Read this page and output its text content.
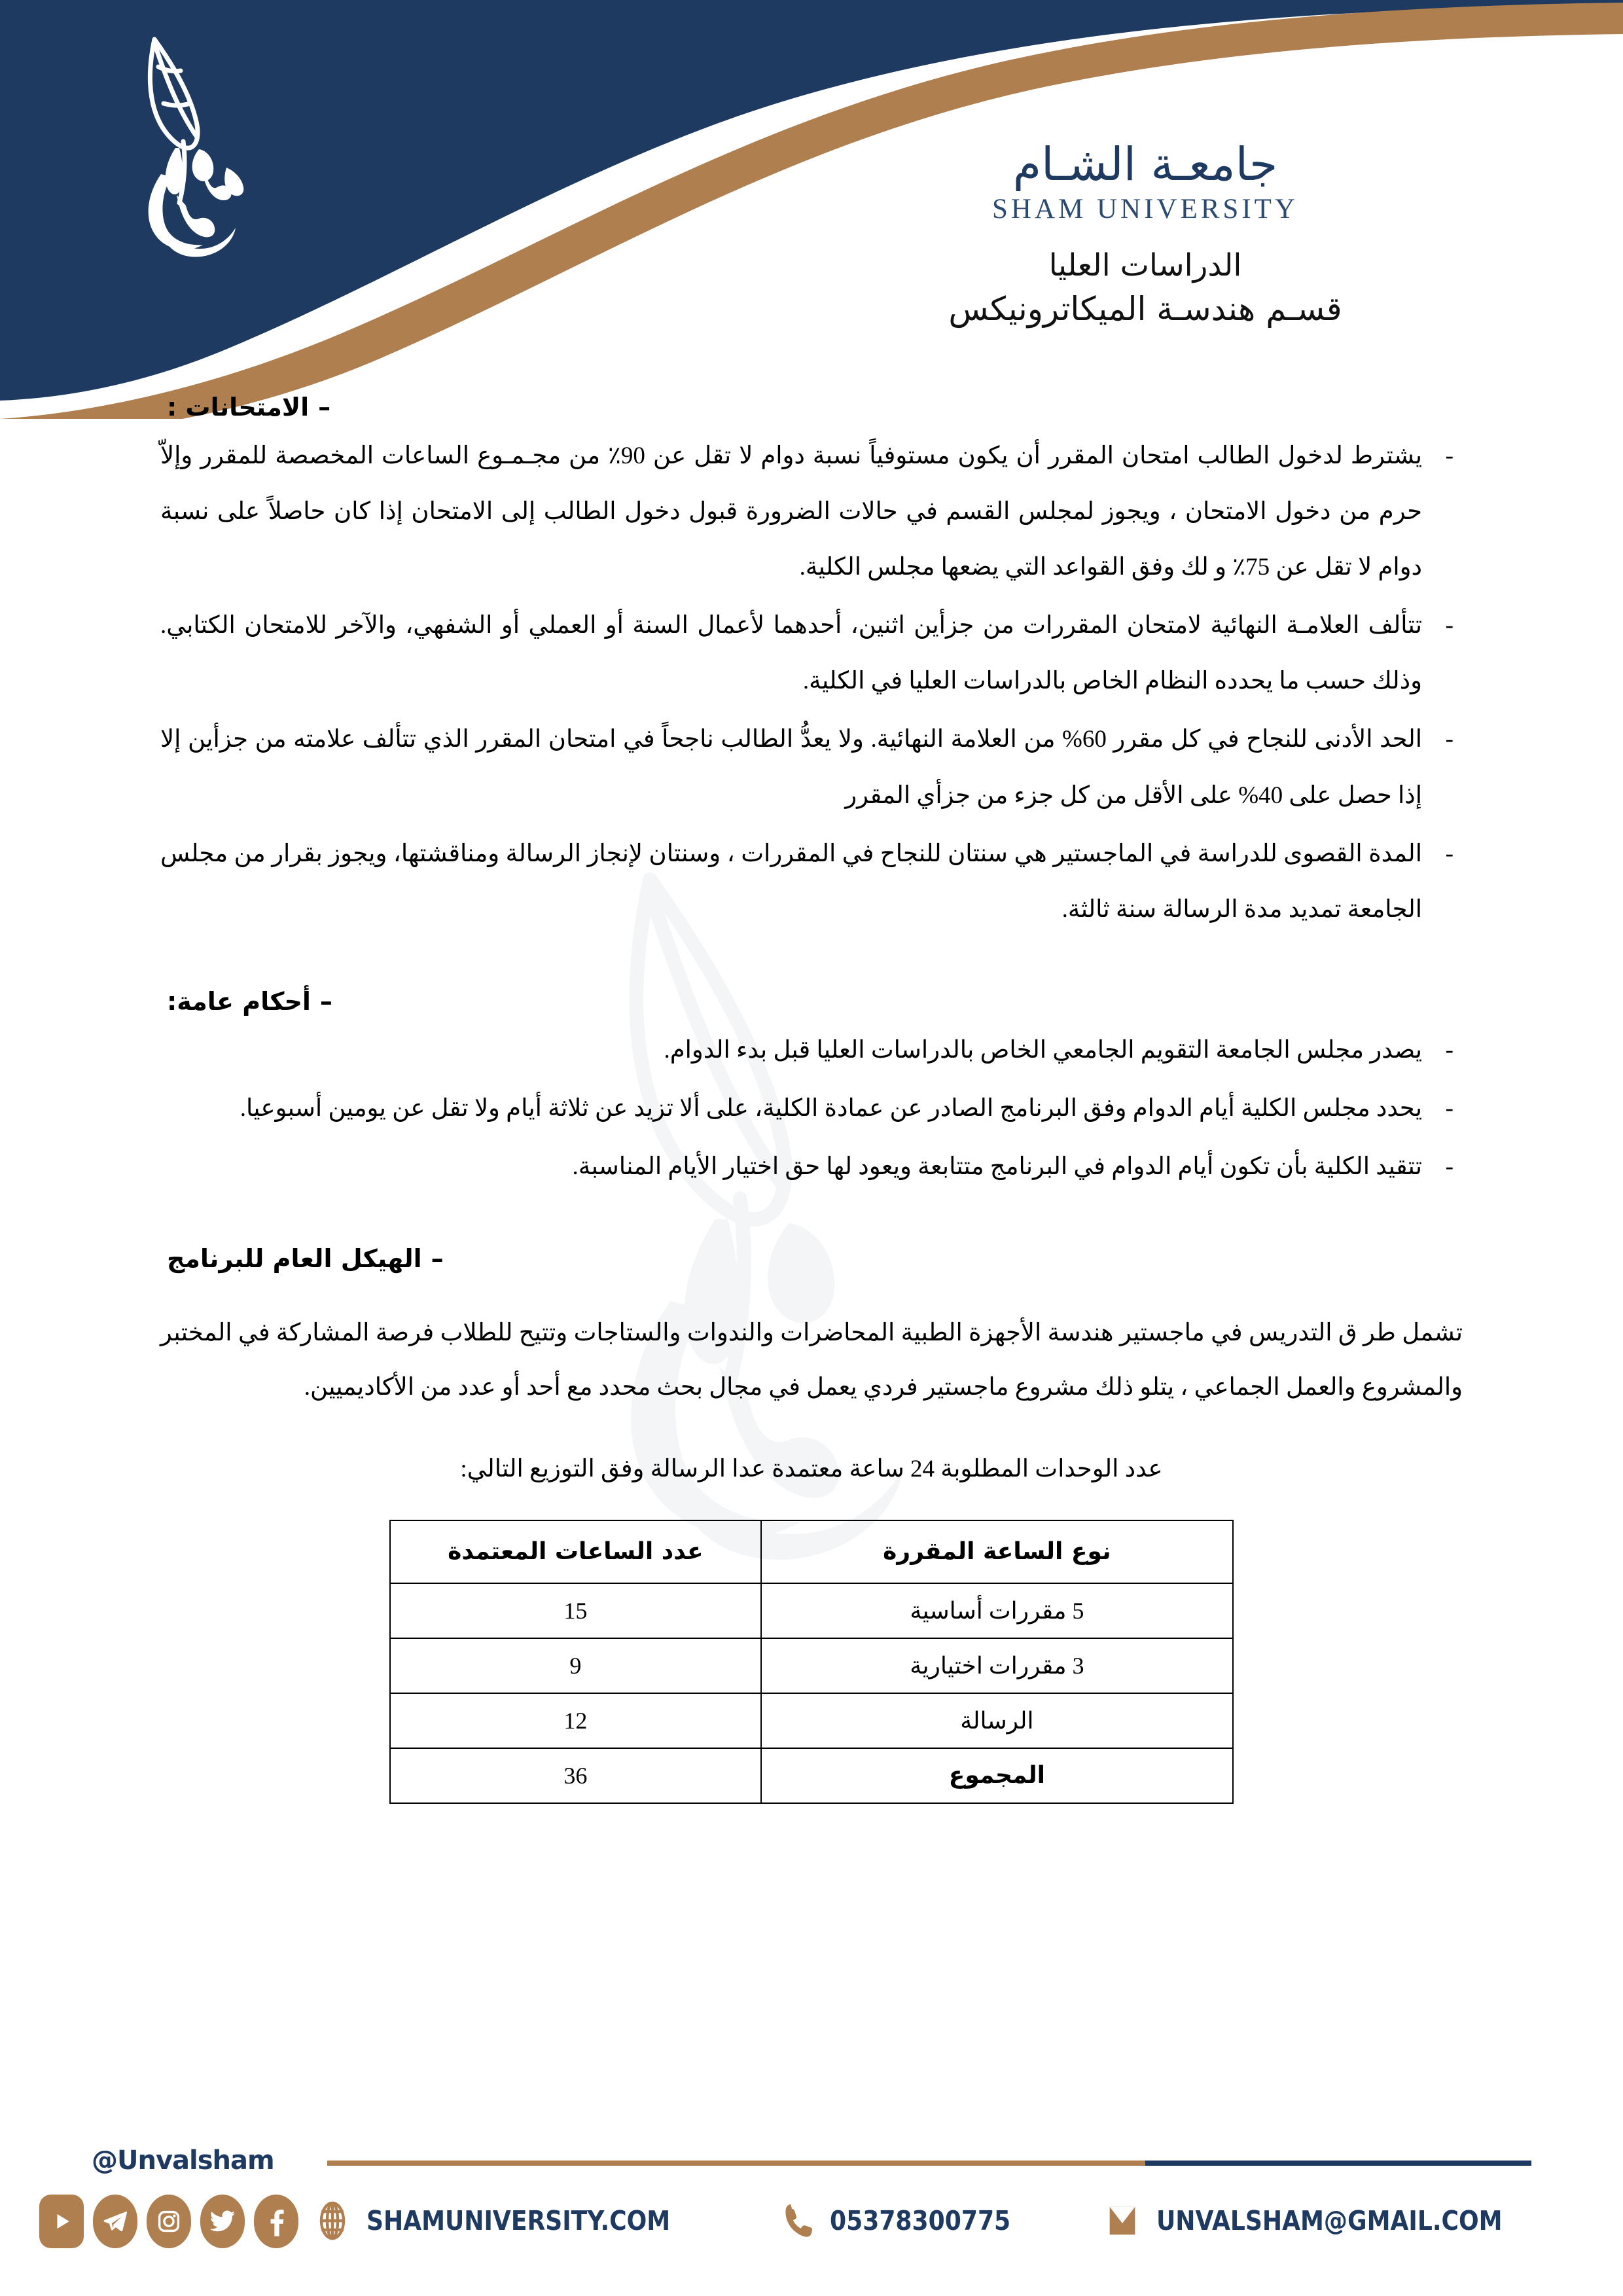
جامعـة الشـام
SHAM UNIVERSITY
الدراسات العليا
قسـم هندسـة الميكاترونيكس
–الامتحانات :
- يشترط لدخول الطالب امتحان المقرر أن يكون مستوفياً نسبة دوام لا تقل عن 90٪ من مجـمـوع الساعات المخصصة للمقرر وإلاّ حرم من دخول الامتحان ، ويجوز لمجلس القسم في حالات الضرورة قبول دخول الطالب إلى الامتحان إذا كان حاصلاً على نسبة دوام لا تقل عن 75٪ و لك وفق القواعد التي يضعها مجلس الكلية.
- تتألف العلامـة النهائية لامتحان المقررات من جزأين اثنين، أحدهما لأعمال السنة أو العملي أو الشفهي، والآخر للامتحان الكتابي. وذلك حسب ما يحدده النظام الخاص بالدراسات العليا في الكلية.
- الحد الأدنى للنجاح في كل مقرر 60% من العلامة النهائية. ولا يعدُّ الطالب ناجحاً في امتحان المقرر الذي تتألف علامته من جزأين إلا إذا حصل على 40% على الأقل من كل جزء من جزأي المقرر
- المدة القصوى للدراسة في الماجستير هي سنتان للنجاح في المقررات ، وسنتان لإنجاز الرسالة ومناقشتها، ويجوز بقرار من مجلس الجامعة تمديد مدة الرسالة سنة ثالثة.
–أحكام عامة:
- يصدر مجلس الجامعة التقويم الجامعي الخاص بالدراسات العليا قبل بدء الدوام.
- يحدد مجلس الكلية أيام الدوام وفق البرنامج الصادر عن عمادة الكلية، على ألا تزيد عن ثلاثة أيام ولا تقل عن يومين أسبوعيا.
- تتقيد الكلية بأن تكون أيام الدوام في البرنامج متتابعة ويعود لها حق اختيار الأيام المناسبة.
–الهيكل العام للبرنامج

تشمل طر ق التدريس في ماجستير هندسة الأجهزة الطبية المحاضرات والندوات والستاجات وتتيح للطلاب فرصة المشاركة في المختبر والمشروع والعمل الجماعي ، يتلو ذلك مشروع ماجستير فردي يعمل في مجال بحث محدد مع أحد أو عدد من الأكاديميين.

عدد الوحدات المطلوبة 24 ساعة معتمدة عدا الرسالة وفق التوزيع التالي:

نوع الساعة المقررة	عدد الساعات المعتمدة
5 مقررات أساسية	15
3 مقررات اختيارية	9
الرسالة	12
المجموع	36
@Unvalsham
SHAMUNIVERSITY.COM	05378300775	UNVALSHAM@GMAIL.COM
